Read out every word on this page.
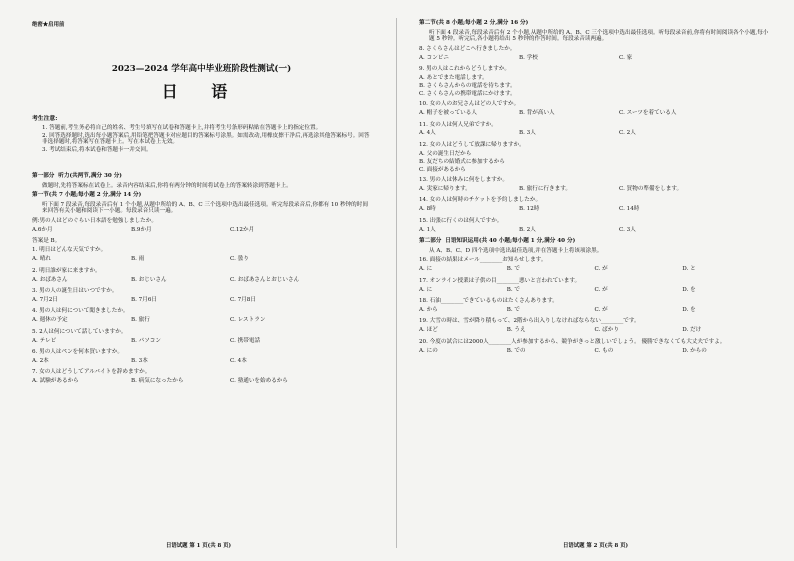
绝密★启用前
2023—2024 学年高中毕业班阶段性测试(一)
日 语
考生注意:
1. 答题前,考生务必将自己的姓名、考生号填写在试卷和答题卡上,并将考生号条形码粘贴在答题卡上的指定位置。
2. 回答选择题时,选出每小题答案后,用铅笔把答题卡对应题目的答案标号涂黑。如需改动,用橡皮擦干净后,再选涂其他答案标号。回答非选择题时,将答案写在答题卡上。写在本试卷上无效。
3. 考试结束后,将本试卷和答题卡一并交回。
第一部分  听力(共两节,满分 30 分)
做题时,先将答案标在试卷上。录音内容结束后,你将有两分钟的时间将试卷上的答案转涂到答题卡上。
第一节(共 7 小题;每小题 2 分,满分 14 分)
听下面 7 段录音,每段录音后有 1 个小题,从题中所给的 A、B、C 三个选项中选出最佳选项。听完每段录音后,你都有 10 秒钟的时间来回答有关小题和阅读下一小题。每段录音只读一遍。
例:男の人はどのぐらい日本語を勉強しましたか。
A.6か月	B.9か月	C.12か月
答案是 B。
1. 明日はどんな天気ですか。
A. 晴れ	B. 雨	C. 曇り
2. 明日誰が家に来ますか。
A. おばあさん	B. おじいさん	C. おばあさんとおじいさん
3. 男の人の誕生日はいつですか。
A. 7月2日	B. 7月6日	C. 7月8日
4. 男の人は何について聞きましたか。
A. 週休の予定	B. 旅行	C. レストラン
5. 2人は何について話していますか。
A. テレビ	B. パソコン	C. 携帯電話
6. 男の人はペンを何本買いますか。
A. 2本	B. 3本	C. 4本
7. 女の人はどうしてアルバイトを辞めますか。
A. 試験があるから	B. 病気になったから	C. 塾通いを始めるから
日语试题 第 1 页(共 8 页)
第二节(共 8 小题;每小题 2 分,满分 16 分)
听下面 4 段录音,每段录音后有 2 个小题,从题中所给的 A、B、C 三个选项中选出最佳选项。听每段录音前,你将有时间阅读各个小题,每小题 5 秒钟。听完后,各小题将给出 5 秒钟的作答时间。每段录音读两遍。
8. さくらさんはどこへ行きましたか。
A. コンビニ	B. 学校	C. 家
9. 男の人はこれからどうしますか。
A. あとでまた電話します。
B. さくらさんからの電話を待ちます。
C. さくらさんの携帯電話にかけます。
10. 女の人のお兄さんはどの人ですか。
A. 帽子を被っている人	B. 背が高い人	C. スーツを着ている人
11. 女の人は何人兄弟ですか。
A. 4人	B. 3人	C. 2人
12. 女の人はどうして放課に帰りますか。
A. 父の誕生日だから
B. 友だちの結婚式に参加するから
C. 面接があるから
13. 男の人は休みに何をしますか。
A. 実家に帰ります。	B. 旅行に行きます。	C. 買物の準備をします。
14. 女の人は何時のチケットを予約しましたか。
A. 8時	B. 12時	C. 14時
15. 出張に行くのは何人ですか。
A. 1人	B. 2人	C. 3人
第二部分  日语知识运用(共 40 小题;每小题 1 分,满分 40 分)
从 A、B、C、D 四个选项中选出最佳选项,并在答题卡上将该项涂黑。
16. 面接の結果はメール________お知らせします。
A. に	B. で	C. が	D. と
17. オンライン授業は子供の目________悪いと言われています。
A. に	B. で	C. が	D. を
18. 石油________できているものはたくさんあります。
A. から	B. で	C. が	D. を
19. 大雪の時は、雪が降り積もって、2階から出入りしなければならない________です。
A. ほど	B. うえ	C. ばかり	D. だけ
20. 今度の試合には2000人________人が参加するから、競争がきっと激しいでしょう。 優勝できなくても大丈夫ですよ。
A. にの	B. での	C. もの	D. からの
日语试题 第 2 页(共 8 页)
